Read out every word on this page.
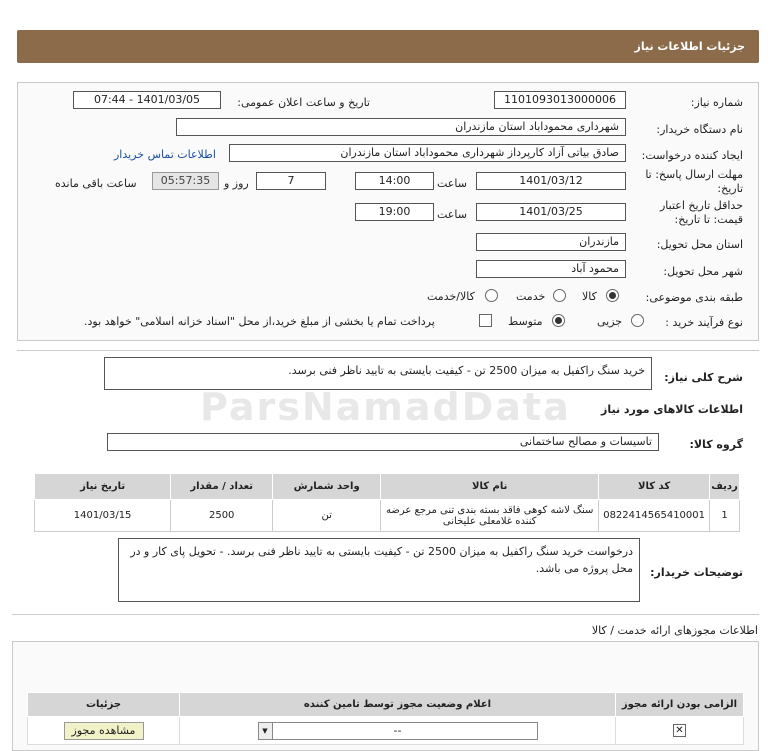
جزئیات اطلاعات نیاز
شماره نیاز:
1101093013000006
تاریخ و ساعت اعلان عمومی:
1401/03/05 - 07:44
نام دستگاه خریدار:
شهرداری محموداباد استان مازندران
ایجاد کننده درخواست:
صادق بیاتی آزاد کارپرداز شهرداری محموداباد استان مازندران
اطلاعات تماس خریدار
مهلت ارسال پاسخ: تا تاریخ:
1401/03/12
ساعت
14:00
7
روز و
05:57:35
ساعت باقی مانده
حداقل تاریخ اعتبار قیمت: تا تاریخ:
1401/03/25
ساعت
19:00
استان محل تحویل:
مازندران
شهر محل تحویل:
محمود آباد
طبقه بندی موضوعی:
کالا
خدمت
کالا/خدمت
نوع فرآیند خرید :
جزیی
متوسط
پرداخت تمام یا بخشی از مبلغ خرید،از محل "اسناد خزانه اسلامی" خواهد بود.
شرح کلی نیاز:
خرید سنگ راکفیل به میزان 2500 تن - کیفیت بایستی به تایید ناظر فنی برسد.
اطلاعات کالاهای مورد نیاز
ParsNamadData
گروه کالا:
تاسیسات و مصالح ساختمانی
ردیف	کد کالا	نام کالا	واحد شمارش	تعداد / مقدار	تاریخ نیاز
1	0822414565410001	سنگ لاشه کوهی فاقد بسته بندی تنی مرجع عرضه کننده غلامعلی علیخانی	تن	2500	1401/03/15
توضیحات خریدار:
درخواست خرید سنگ راکفیل به میزان 2500 تن - کیفیت بایستی به تایید ناظر فنی برسد. - تحویل پای کار و در محل پروژه می باشد.
اطلاعات مجوزهای ارائه خدمت / کالا
الزامی بودن ارائه مجوز	اعلام وضعیت مجوز توسط تامین کننده	جزئیات
✕	▼ --	مشاهده مجوز
